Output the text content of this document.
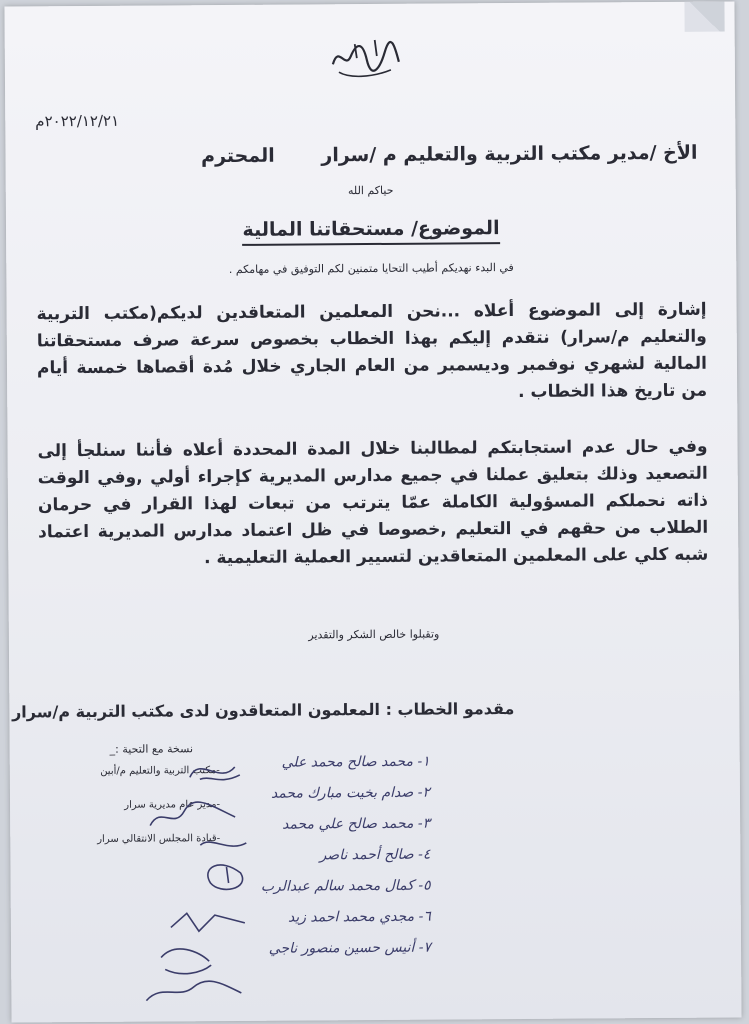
٢٠٢٢/١٢/٢١م
الأخ /مدير مكتب التربية والتعليم م /سرار المحترم
حياكم الله
الموضوع/ مستحقاتنا المالية
في البدء نهديكم أطيب التحايا متمنين لكم التوفيق في مهامكم .
إشارة إلى الموضوع أعلاه ...نحن المعلمين المتعاقدين لديكم(مكتب التربية والتعليم م/سرار) نتقدم إليكم بهذا الخطاب بخصوص سرعة صرف مستحقاتنا المالية لشهري نوفمبر وديسمبر من العام الجاري خلال مُدة أقصاها خمسة أيام من تاريخ هذا الخطاب .
وفي حال عدم استجابتكم لمطالبنا خلال المدة المحددة أعلاه فأننا سنلجأ إلى التصعيد وذلك بتعليق عملنا في جميع مدارس المديرية كإجراء أولي ,وفي الوقت ذاته نحملكم المسؤولية الكاملة عمّا يترتب من تبعات لهذا القرار في حرمان الطلاب من حقهم في التعليم ,خصوصا في ظل اعتماد مدارس المديرية اعتماد شبه كلي على المعلمين المتعاقدين لتسيير العملية التعليمية .
وتقبلوا خالص الشكر والتقدير
مقدمو الخطاب : المعلمون المتعاقدون لدى مكتب التربية م/سرار
نسخة مع التحية :_
-مكتب التربية والتعليم م/أبين
-مدير عام مديرية سرار
-قيادة المجلس الانتقالي سرار
١- محمد صالح محمد علي
٢- صدام بخيت مبارك محمد
٣- محمد صالح علي محمد
٤- صالح أحمد ناصر
٥- كمال محمد سالم عبدالرب
٦- مجدي محمد احمد زيد
٧- أنيس حسين منصور ناجي
